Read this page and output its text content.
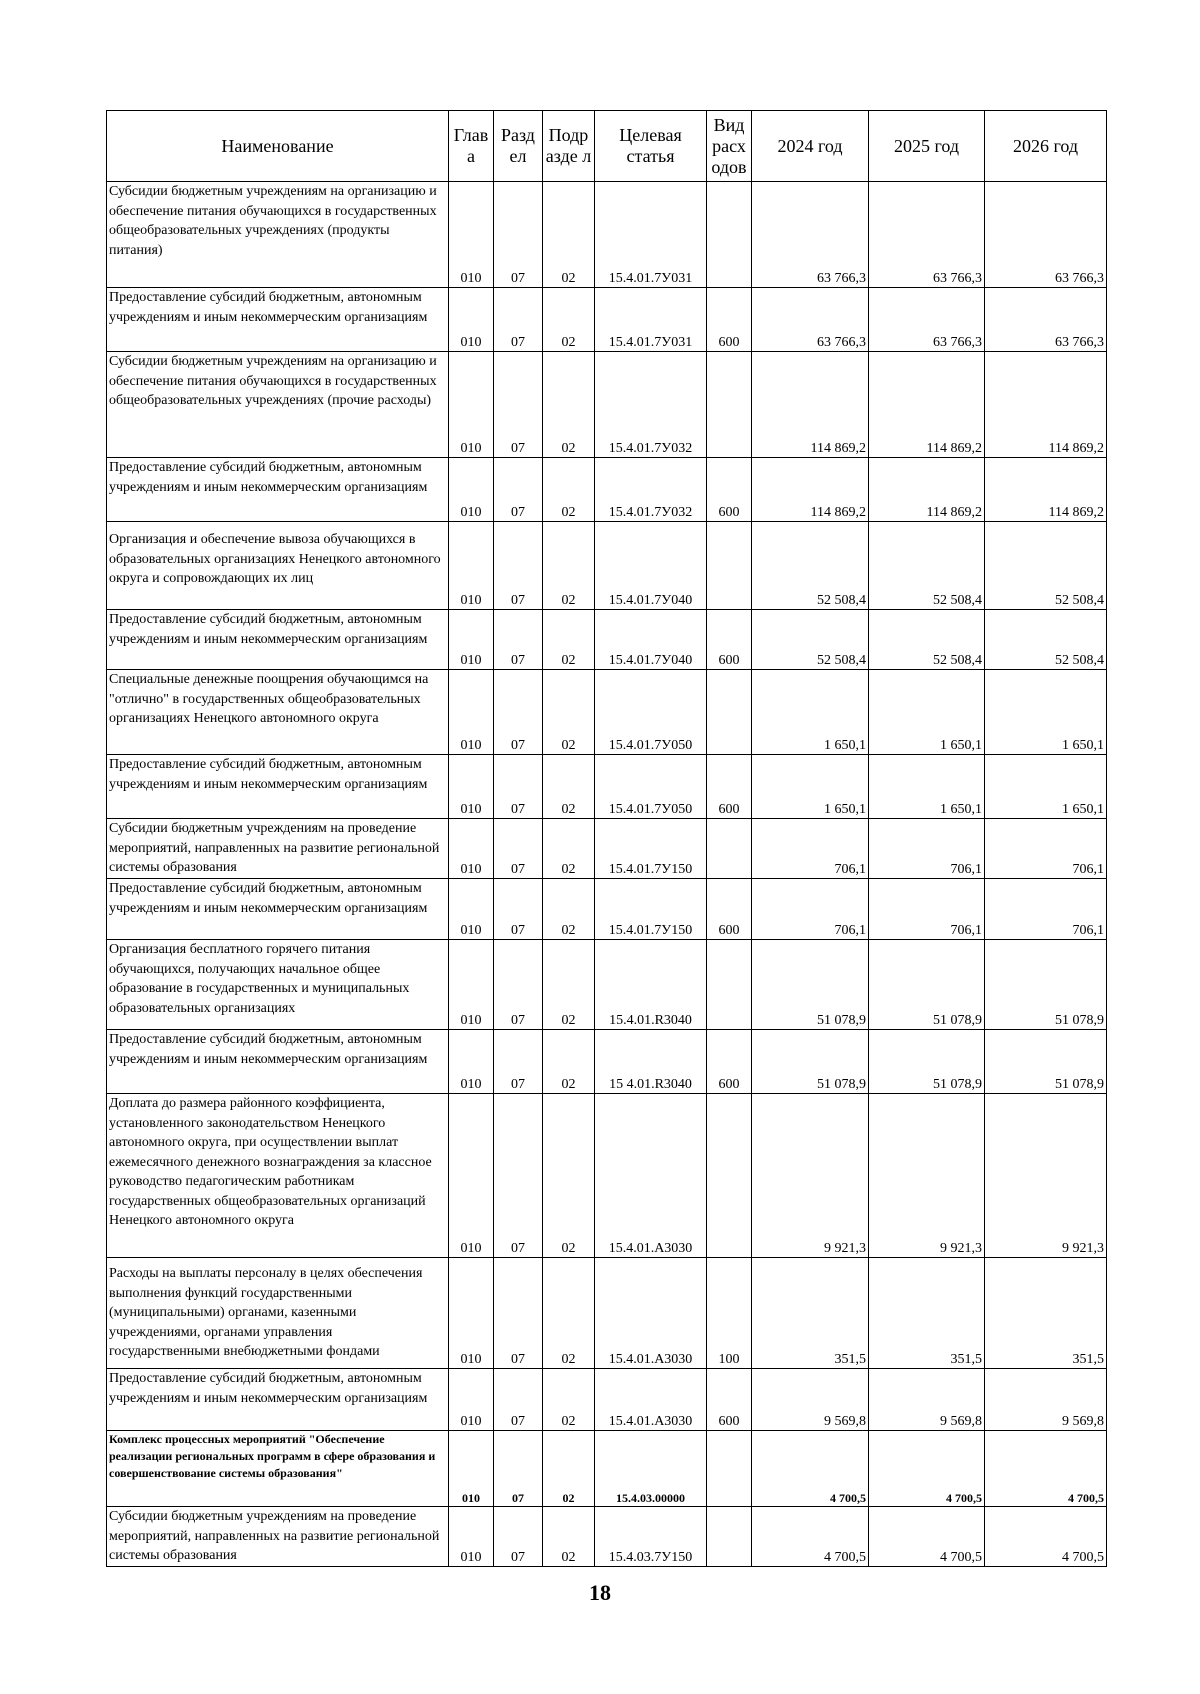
Наименование	Глав а	Разд ел	Подр азде л	Целевая статья	Вид расх одов	2024 год	2025 год	2026 год
Субсидии бюджетным учреждениям на организацию и обеспечение питания обучающихся в государственных общеобразовательных учреждениях (продукты питания)	010	07	02	15.4.01.7У031		63 766,3	63 766,3	63 766,3
Предоставление субсидий бюджетным, автономным учреждениям и иным некоммерческим организациям	010	07	02	15.4.01.7У031	600	63 766,3	63 766,3	63 766,3
Субсидии бюджетным учреждениям на организацию и обеспечение питания обучающихся в государственных общеобразовательных учреждениях (прочие расходы)	010	07	02	15.4.01.7У032		114 869,2	114 869,2	114 869,2
Предоставление субсидий бюджетным, автономным учреждениям и иным некоммерческим организациям	010	07	02	15.4.01.7У032	600	114 869,2	114 869,2	114 869,2
Организация и обеспечение вывоза обучающихся в образовательных организациях Ненецкого автономного округа и сопровождающих их лиц	010	07	02	15.4.01.7У040		52 508,4	52 508,4	52 508,4
Предоставление субсидий бюджетным, автономным учреждениям и иным некоммерческим организациям	010	07	02	15.4.01.7У040	600	52 508,4	52 508,4	52 508,4
Специальные денежные поощрения обучающимся на "отлично" в государственных общеобразовательных организациях Ненецкого автономного округа	010	07	02	15.4.01.7У050		1 650,1	1 650,1	1 650,1
Предоставление субсидий бюджетным, автономным учреждениям и иным некоммерческим организациям	010	07	02	15.4.01.7У050	600	1 650,1	1 650,1	1 650,1
Субсидии бюджетным учреждениям на проведение мероприятий, направленных на развитие региональной системы образования	010	07	02	15.4.01.7У150		706,1	706,1	706,1
Предоставление субсидий бюджетным, автономным учреждениям и иным некоммерческим организациям	010	07	02	15.4.01.7У150	600	706,1	706,1	706,1
Организация бесплатного горячего питания обучающихся, получающих начальное общее образование в государственных и муниципальных образовательных организациях	010	07	02	15.4.01.R3040		51 078,9	51 078,9	51 078,9
Предоставление субсидий бюджетным, автономным учреждениям и иным некоммерческим организациям	010	07	02	15 4.01.R3040	600	51 078,9	51 078,9	51 078,9
Доплата до размера районного коэффициента, установленного законодательством Ненецкого автономного округа, при осуществлении выплат ежемесячного денежного вознаграждения за классное руководство педагогическим работникам государственных общеобразовательных организаций Ненецкого автономного округа	010	07	02	15.4.01.A3030		9 921,3	9 921,3	9 921,3
Расходы на выплаты персоналу в целях обеспечения выполнения функций государственными (муниципальными) органами, казенными учреждениями, органами управления государственными внебюджетными фондами	010	07	02	15.4.01.A3030	100	351,5	351,5	351,5
Предоставление субсидий бюджетным, автономным учреждениям и иным некоммерческим организациям	010	07	02	15.4.01.A3030	600	9 569,8	9 569,8	9 569,8
Комплекс процессных мероприятий "Обеспечение реализации региональных программ в сфере образования и совершенствование системы образования"	010	07	02	15.4.03.00000		4 700,5	4 700,5	4 700,5
Субсидии бюджетным учреждениям на проведение мероприятий, направленных на развитие региональной системы образования	010	07	02	15.4.03.7У150		4 700,5	4 700,5	4 700,5
18
